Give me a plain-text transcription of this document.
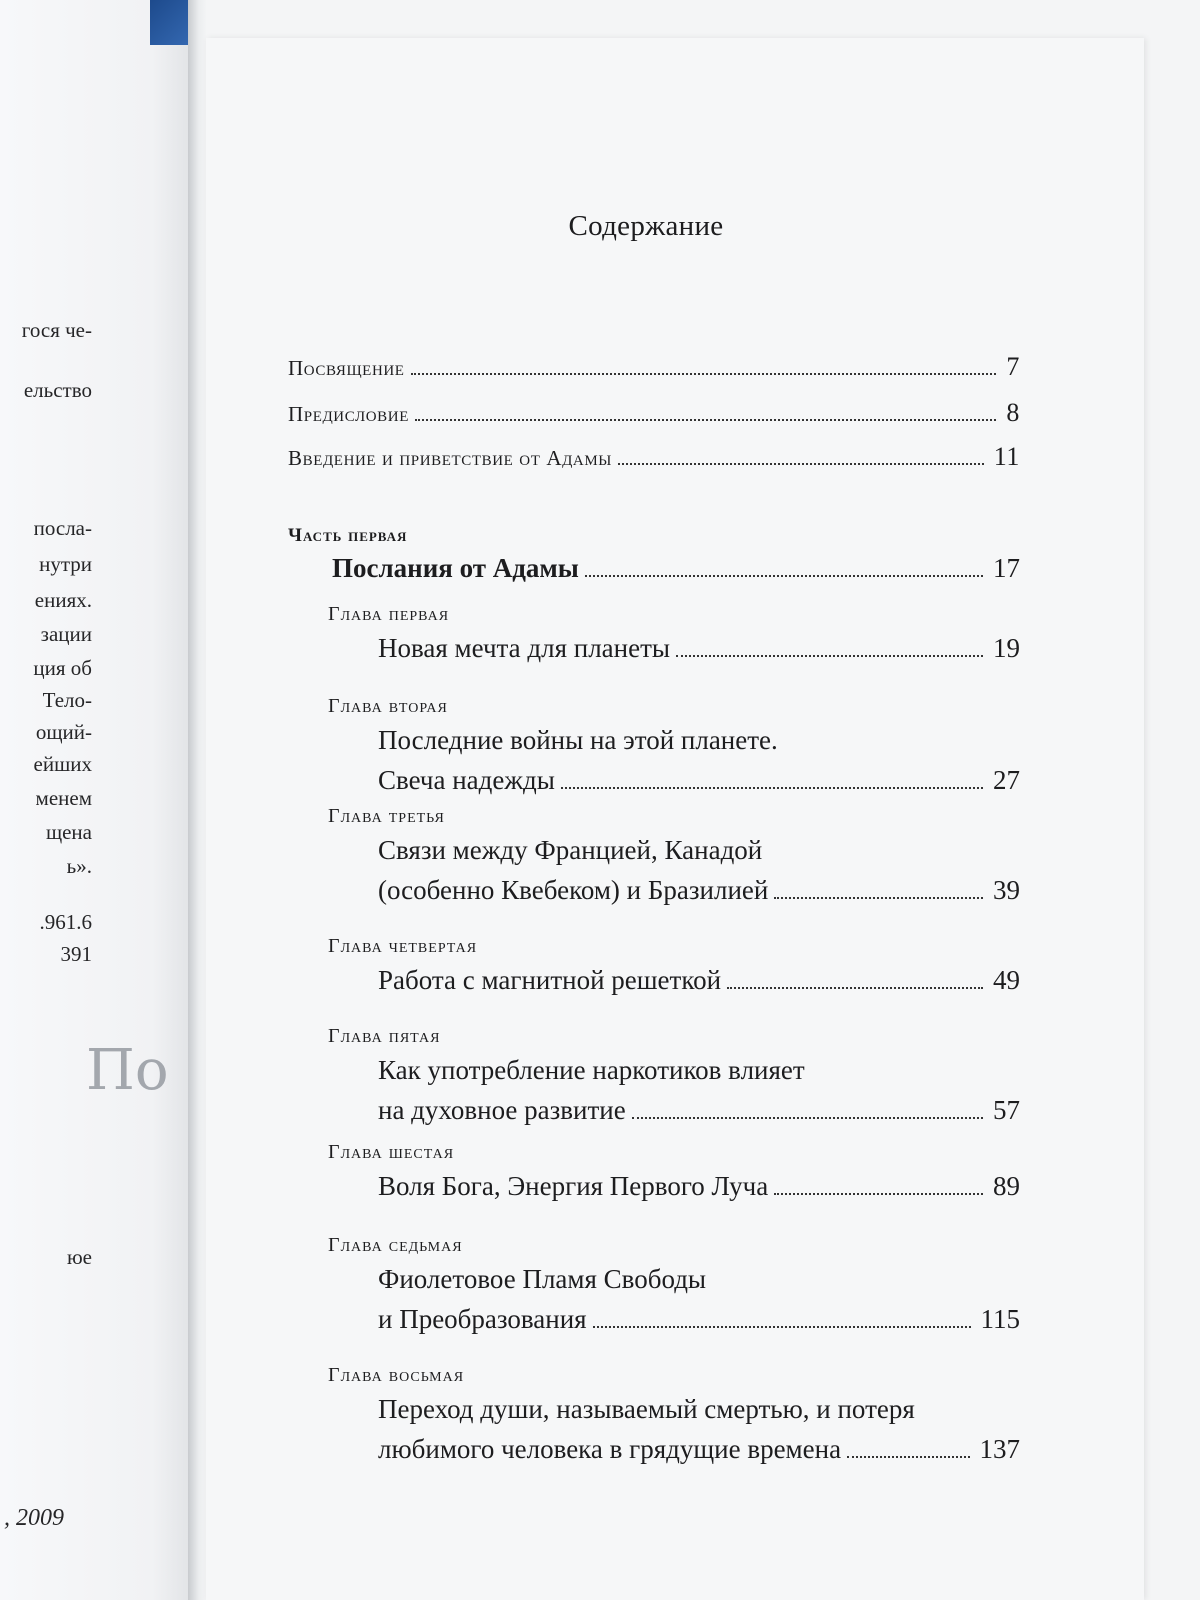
гося че-
ельство
посла-
нутри
ениях.
зации
ция об
Тело-
ощий-
ейших
менем
щена
ь».
.961.6
391
юе
По
, 2009

Содержание
Посвящение	7
Предисловие	8
Введение и приветствие от Адамы	11
Часть первая
Послания от Адамы	17
Глава первая
Новая мечта для планеты	19
Глава вторая
Последние войны на этой планете.
Свеча надежды	27
Глава третья
Связи между Францией, Канадой
(особенно Квебеком) и Бразилией	39
Глава четвертая
Работа с магнитной решеткой	49
Глава пятая
Как употребление наркотиков влияет
на духовное развитие	57
Глава шестая
Воля Бога, Энергия Первого Луча	89
Глава седьмая
Фиолетовое Пламя Свободы
и Преобразования	115
Глава восьмая
Переход души, называемый смертью, и потеря
любимого человека в грядущие времена	137
